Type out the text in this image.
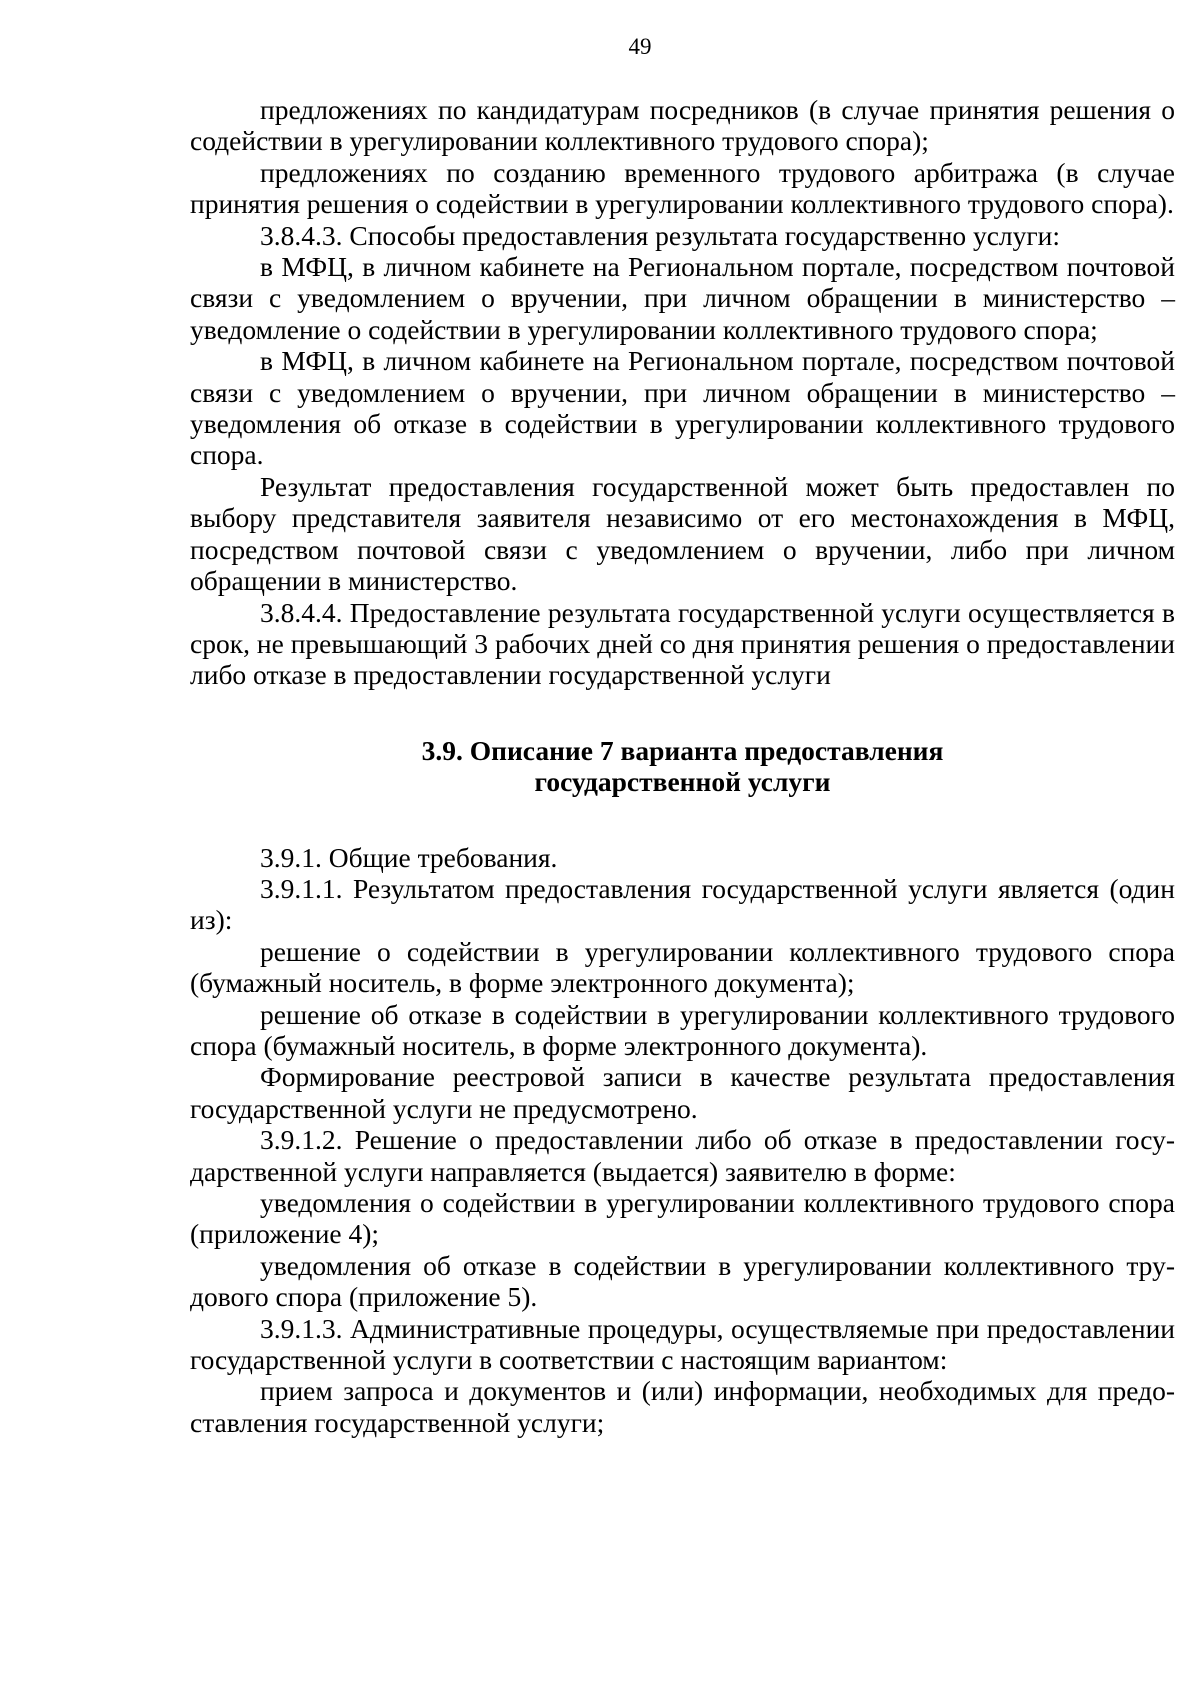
49

предложениях по кандидатурам посредников (в случае принятия решения о содействии в урегулировании коллективного трудового спора);

предложениях по созданию временного трудового арбитража (в случае принятия решения о содействии в урегулировании коллективного трудового спора).

3.8.4.3. Способы предоставления результата государственно услуги:

в МФЦ, в личном кабинете на Региональном портале, посредством почтовой связи с уведомлением о вручении, при личном обращении в министерство – уведомление о содействии в урегулировании коллективного трудового спора;

в МФЦ, в личном кабинете на Региональном портале, посредством почтовой связи с уведомлением о вручении, при личном обращении в министерство – уведомления об отказе в содействии в урегулировании коллективного трудового спора.

Результат предоставления государственной может быть предоставлен по выбору представителя заявителя независимо от его местонахождения в МФЦ, посредством почтовой связи с уведомлением о вручении, либо при личном обращении в министерство.

3.8.4.4. Предоставление результата государственной услуги осуществляется в срок, не превышающий 3 рабочих дней со дня принятия решения о предоставлении либо отказе в предоставлении государственной услуги

3.9. Описание 7 варианта предоставления
государственной услуги

3.9.1. Общие требования.

3.9.1.1. Результатом предоставления государственной услуги является (один из):

решение о содействии в урегулировании коллективного трудового спора (бумажный носитель, в форме электронного документа);

решение об отказе в содействии в урегулировании коллективного трудового спора (бумажный носитель, в форме электронного документа).

Формирование реестровой записи в качестве результата предоставления государственной услуги не предусмотрено.

3.9.1.2. Решение о предоставлении либо об отказе в предоставлении государственной услуги направляется (выдается) заявителю в форме:

уведомления о содействии в урегулировании коллективного трудового спора (приложение 4);

уведомления об отказе в содействии в урегулировании коллективного трудового спора (приложение 5).

3.9.1.3. Административные процедуры, осуществляемые при предоставлении государственной услуги в соответствии с настоящим вариантом:

прием запроса и документов и (или) информации, необходимых для предоставления государственной услуги;
